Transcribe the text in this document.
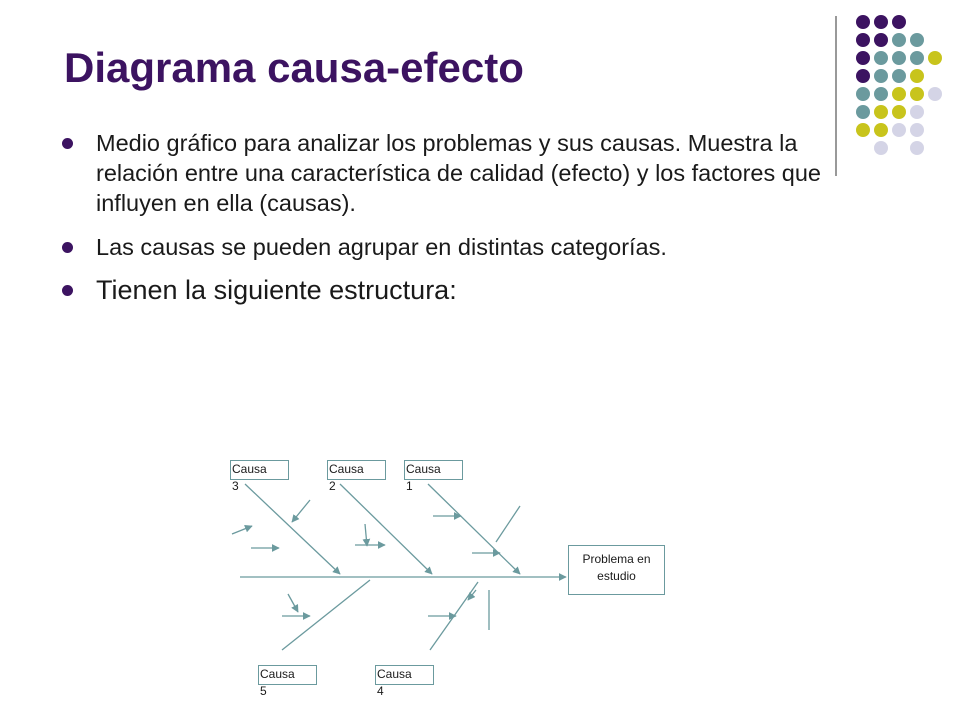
Diagrama causa-efecto
Medio gráfico para analizar los problemas y sus causas. Muestra la relación entre una característica de calidad (efecto) y los factores que influyen en ella (causas).
Las causas se pueden agrupar en distintas categorías.
Tienen la siguiente estructura:
Causa
3
Causa
2
Causa
1
Causa
5
Causa
4
Problema en estudio
